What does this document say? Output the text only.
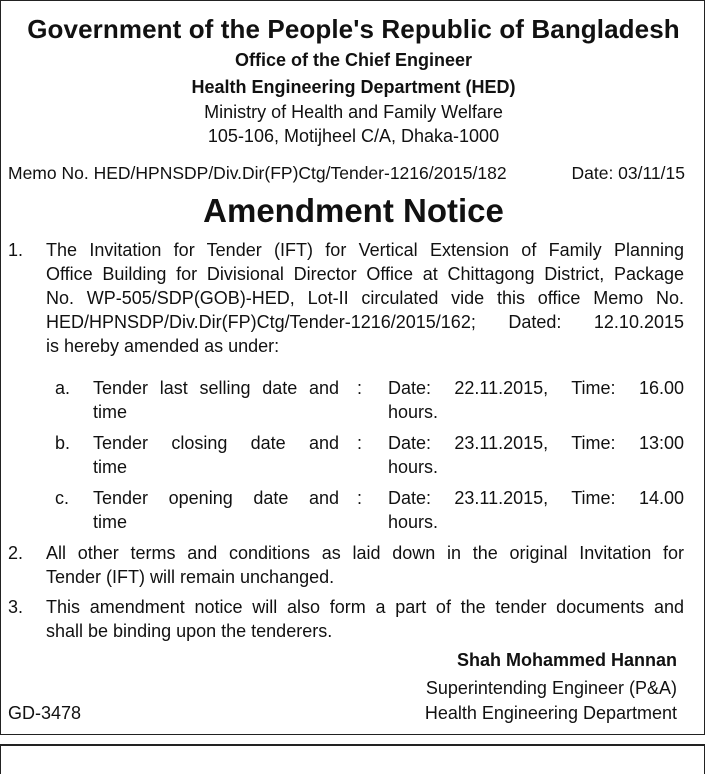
Government of the People's Republic of Bangladesh
Office of the Chief Engineer
Health Engineering Department (HED)
Ministry of Health and Family Welfare
105-106, Motijheel C/A, Dhaka-1000
Memo No. HED/HPNSDP/Div.Dir(FP)Ctg/Tender-1216/2015/182	Date: 03/11/15
Amendment Notice
1. The Invitation for Tender (IFT) for Vertical Extension of Family Planning
Office Building for Divisional Director Office at Chittagong District, Package
No. WP-505/SDP(GOB)-HED, Lot-II circulated vide this office Memo No.
HED/HPNSDP/Div.Dir(FP)Ctg/Tender-1216/2015/162; Dated: 12.10.2015
is hereby amended as under:
a. Tender last selling date and
time
: Date: 22.11.2015, Time: 16.00
hours.
b. Tender closing date and
time
: Date: 23.11.2015, Time: 13:00
hours.
c. Tender opening date and
time
: Date: 23.11.2015, Time: 14.00
hours.
2. All other terms and conditions as laid down in the original Invitation for
Tender (IFT) will remain unchanged.
3. This amendment notice will also form a part of the tender documents and
shall be binding upon the tenderers.
Shah Mohammed Hannan
Superintending Engineer (P&A)
Health Engineering Department
GD-3478
